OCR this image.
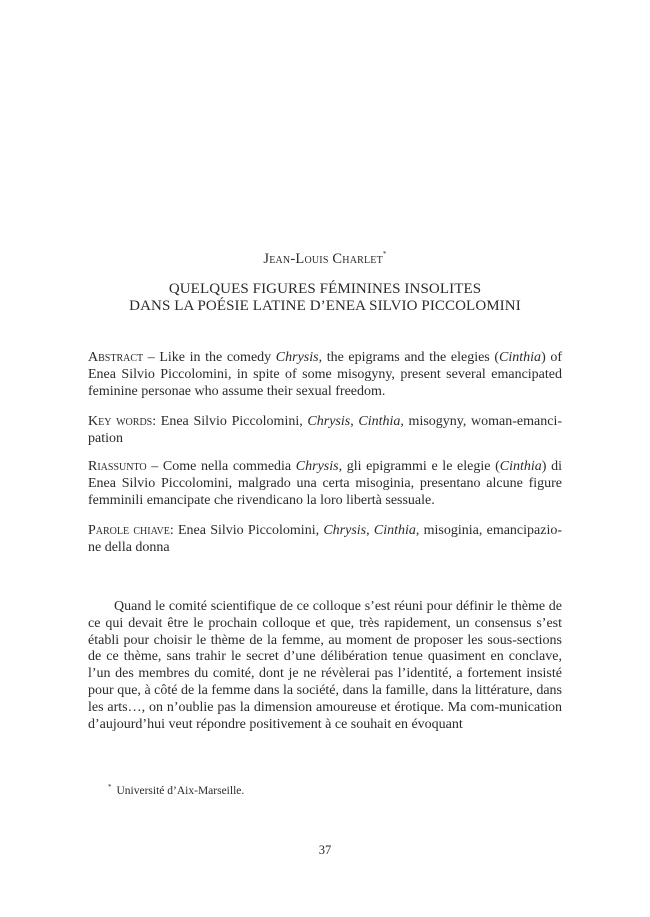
Jean-Louis Charlet*
QUELQUES FIGURES FÉMININES INSOLITES
DANS LA POÉSIE LATINE D’ENEA SILVIO PICCOLOMINI
Abstract – Like in the comedy Chrysis, the epigrams and the elegies (Cinthia) of Enea Silvio Piccolomini, in spite of some misogyny, present several emancipated feminine personae who assume their sexual freedom.
Key words: Enea Silvio Piccolomini, Chrysis, Cinthia, misogyny, woman-emanci-pation
Riassunto – Come nella commedia Chrysis, gli epigrammi e le elegie (Cinthia) di Enea Silvio Piccolomini, malgrado una certa misoginia, presentano alcune figure femminili emancipate che rivendicano la loro libertà sessuale.
Parole chiave: Enea Silvio Piccolomini, Chrysis, Cinthia, misoginia, emancipazio-ne della donna

Quand le comité scientifique de ce colloque s’est réuni pour définir le thème de ce qui devait être le prochain colloque et que, très rapidement, un consensus s’est établi pour choisir le thème de la femme, au moment de proposer les sous-sections de ce thème, sans trahir le secret d’une délibération tenue quasiment en conclave, l’un des membres du comité, dont je ne révèlerai pas l’identité, a fortement insisté pour que, à côté de la femme dans la société, dans la famille, dans la littérature, dans les arts…, on n’oublie pas la dimension amoureuse et érotique. Ma com-munication d’aujourd’hui veut répondre positivement à ce souhait en évoquant

* Université d’Aix-Marseille.
37
